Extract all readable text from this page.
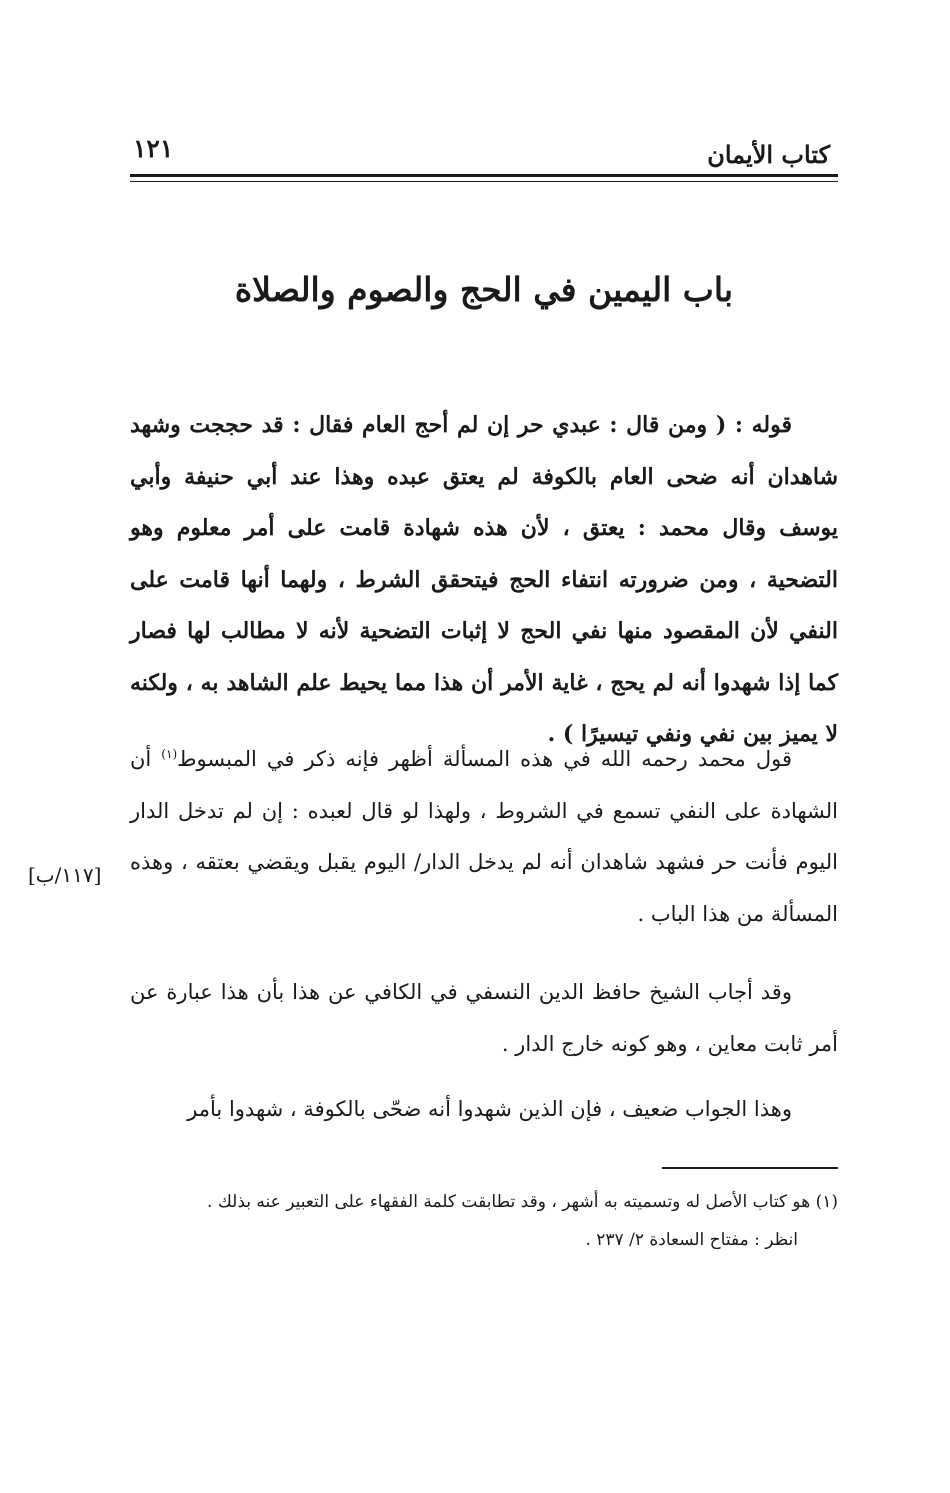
كتاب الأيمان
١٢١
باب اليمين في الحج والصوم والصلاة
قوله : ( ومن قال : عبدي حر إن لم أحج العام فقال : قد حججت وشهد شاهدان أنه ضحى العام بالكوفة لم يعتق عبده وهذا عند أبي حنيفة وأبي يوسف وقال محمد : يعتق ، لأن هذه شهادة قامت على أمر معلوم وهو التضحية ، ومن ضرورته انتفاء الحج فيتحقق الشرط ، ولهما أنها قامت على النفي لأن المقصود منها نفي الحج لا إثبات التضحية لأنه لا مطالب لها فصار كما إذا شهدوا أنه لم يحج ، غاية الأمر أن هذا مما يحيط علم الشاهد به ، ولكنه لا يميز بين نفي ونفي تيسيرًا ) .
قول محمد رحمه الله في هذه المسألة أظهر فإنه ذكر في المبسوط$^{(١)}$ أن الشهادة على النفي تسمع في الشروط ، ولهذا لو قال لعبده : إن لم تدخل الدار اليوم فأنت حر فشهد شاهدان أنه لم يدخل الدار/ اليوم يقبل ويقضي بعتقه ، وهذه المسألة من هذا الباب .
[١١٧/ب]
وقد أجاب الشيخ حافظ الدين النسفي في الكافي عن هذا بأن هذا عبارة عن أمر ثابت معاين ، وهو كونه خارج الدار .
وهذا الجواب ضعيف ، فإن الذين شهدوا أنه ضحّى بالكوفة ، شهدوا بأمر
(١) هو كتاب الأصل له وتسميته به أشهر ، وقد تطابقت كلمة الفقهاء على التعبير عنه بذلك .
انظر : مفتاح السعادة ٢/ ٢٣٧ .
